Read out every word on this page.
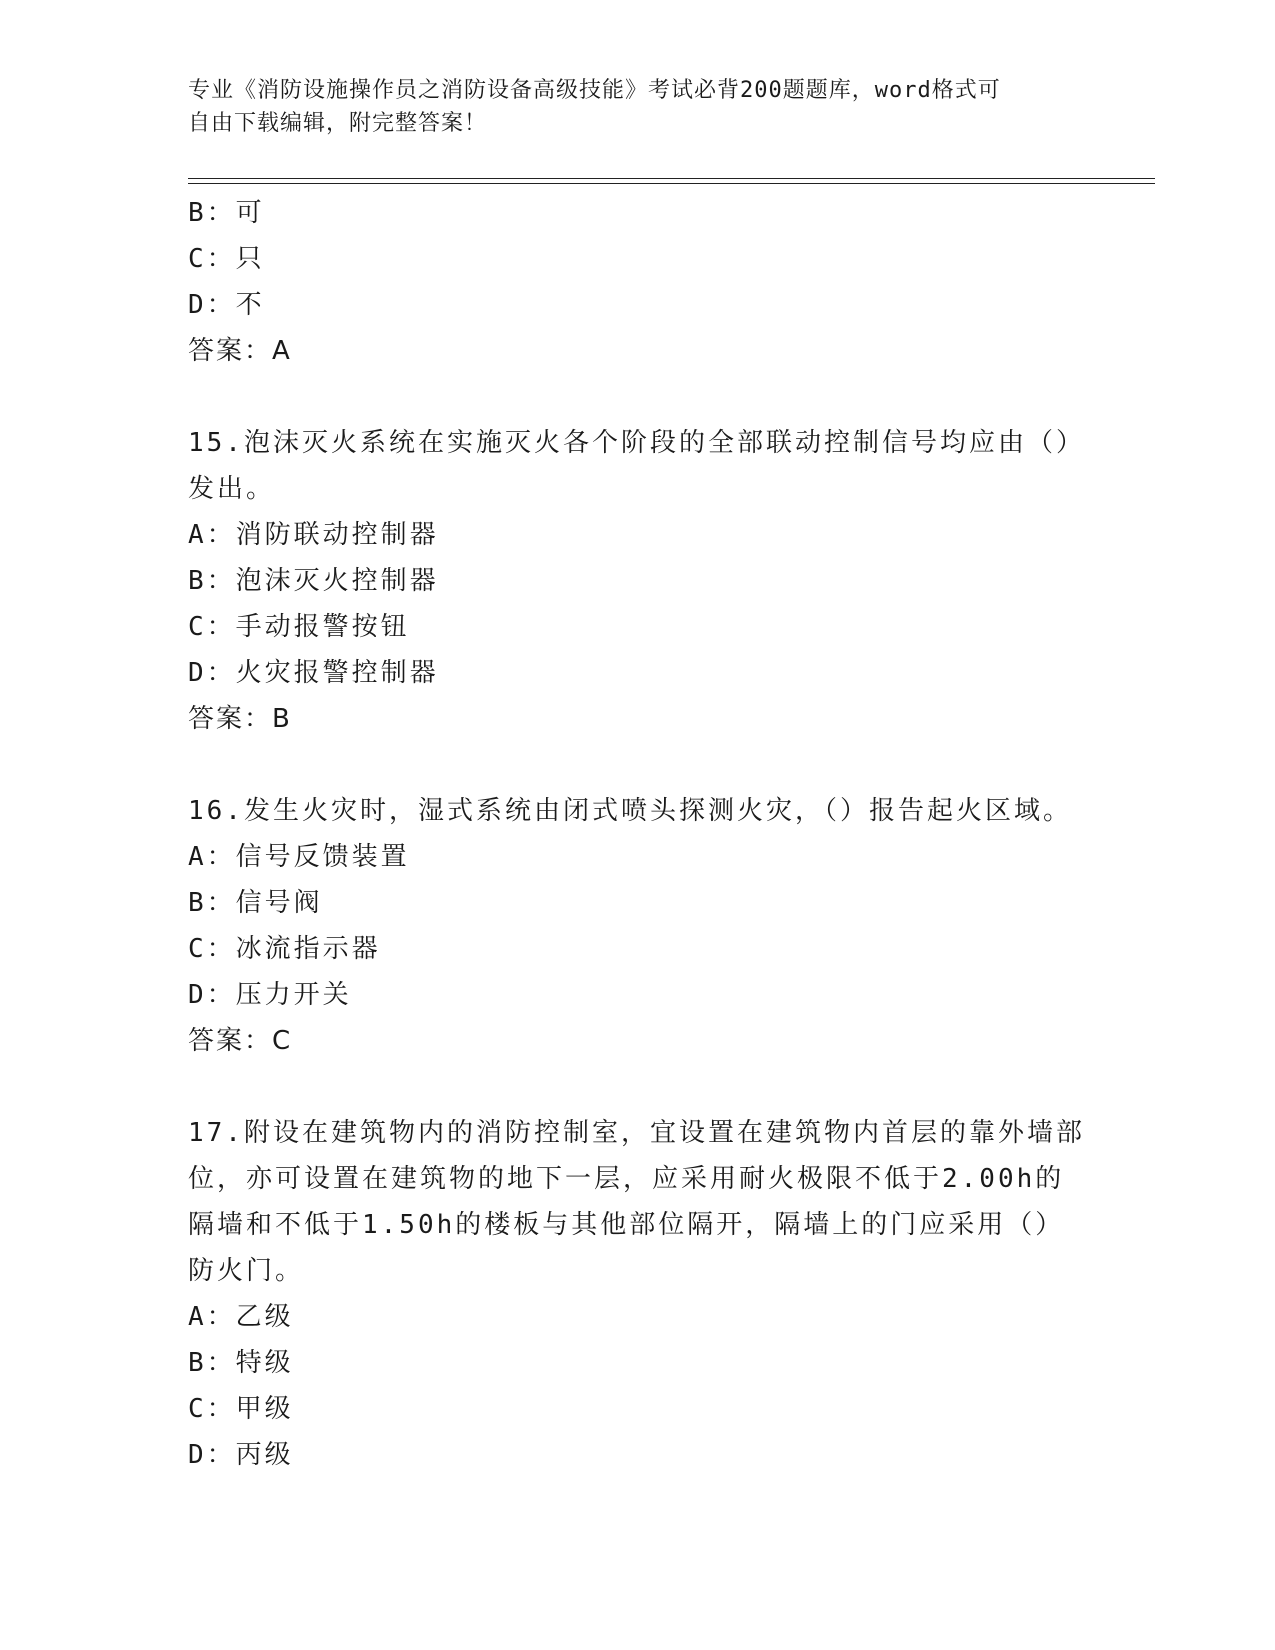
专业《消防设施操作员之消防设备高级技能》考试必背200题题库，word格式可
自由下载编辑，附完整答案！
B：可
C：只
D：不
答案：A
15.泡沫灭火系统在实施灭火各个阶段的全部联动控制信号均应由（）
发出。
A：消防联动控制器
B：泡沫灭火控制器
C：手动报警按钮
D：火灾报警控制器
答案：B
16.发生火灾时，湿式系统由闭式喷头探测火灾，（）报告起火区域。
A：信号反馈装置
B：信号阀
C：冰流指示器
D：压力开关
答案：C
17.附设在建筑物内的消防控制室，宜设置在建筑物内首层的靠外墙部
位，亦可设置在建筑物的地下一层，应采用耐火极限不低于2.00h的
隔墙和不低于1.50h的楼板与其他部位隔开，隔墙上的门应采用（）
防火门。
A：乙级
B：特级
C：甲级
D：丙级
